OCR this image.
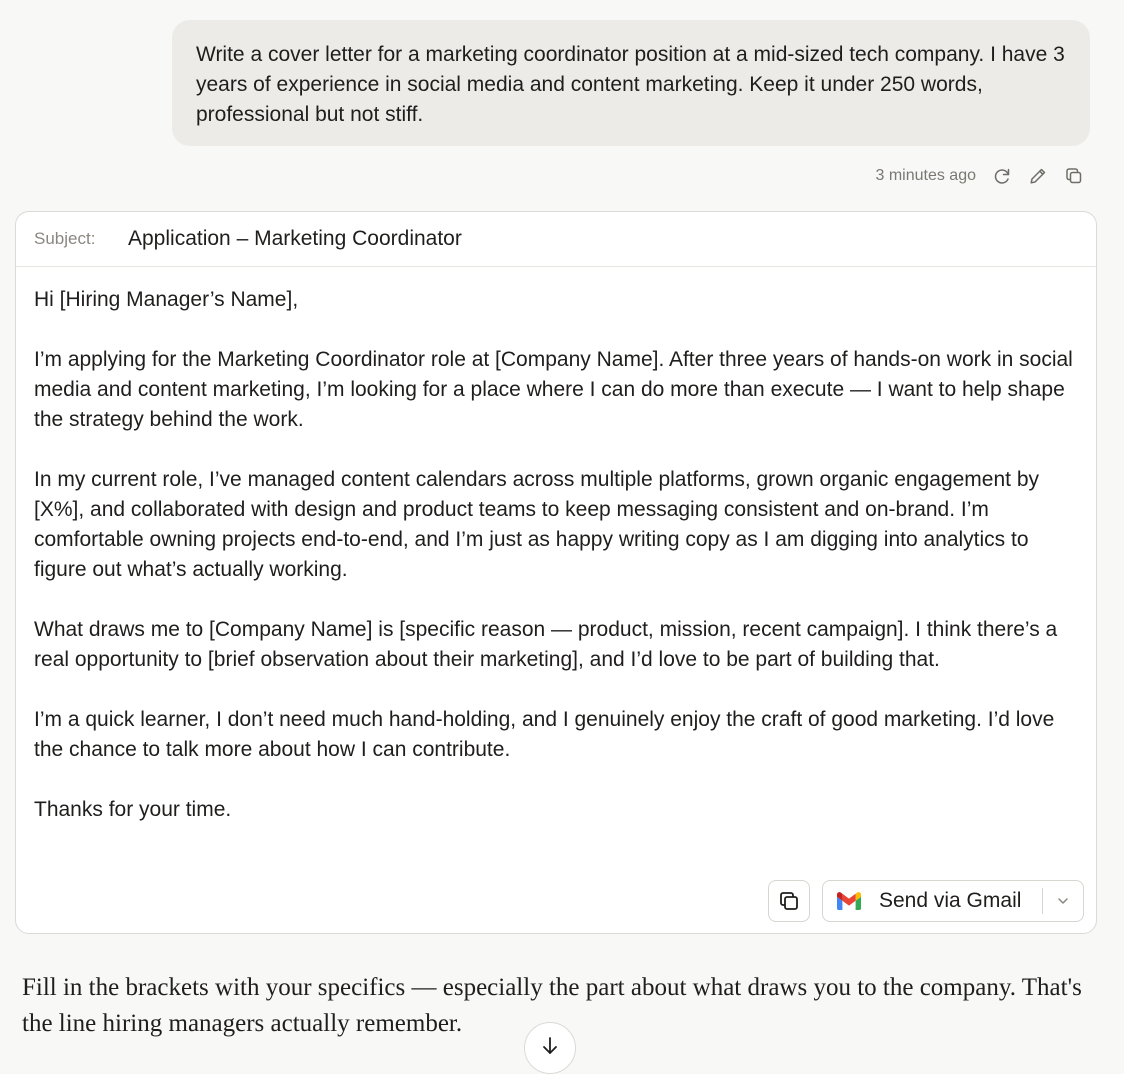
Write a cover letter for a marketing coordinator position at a mid-sized tech company. I have 3 years of experience in social media and content marketing. Keep it under 250 words, professional but not stiff.
3 minutes ago
Subject:	Application – Marketing Coordinator

Hi [Hiring Manager’s Name],

I’m applying for the Marketing Coordinator role at [Company Name]. After three years of hands-on work in social media and content marketing, I’m looking for a place where I can do more than execute — I want to help shape the strategy behind the work.

In my current role, I’ve managed content calendars across multiple platforms, grown organic engagement by [X%], and collaborated with design and product teams to keep messaging consistent and on-brand. I’m comfortable owning projects end-to-end, and I’m just as happy writing copy as I am digging into analytics to figure out what’s actually working.

What draws me to [Company Name] is [specific reason — product, mission, recent campaign]. I think there’s a real opportunity to [brief observation about their marketing], and I’d love to be part of building that.

I’m a quick learner, I don’t need much hand-holding, and I genuinely enjoy the craft of good marketing. I’d love the chance to talk more about how I can contribute.

Thanks for your time.

Send via Gmail
Fill in the brackets with your specifics — especially the part about what draws you to the company. That's the line hiring managers actually remember.
